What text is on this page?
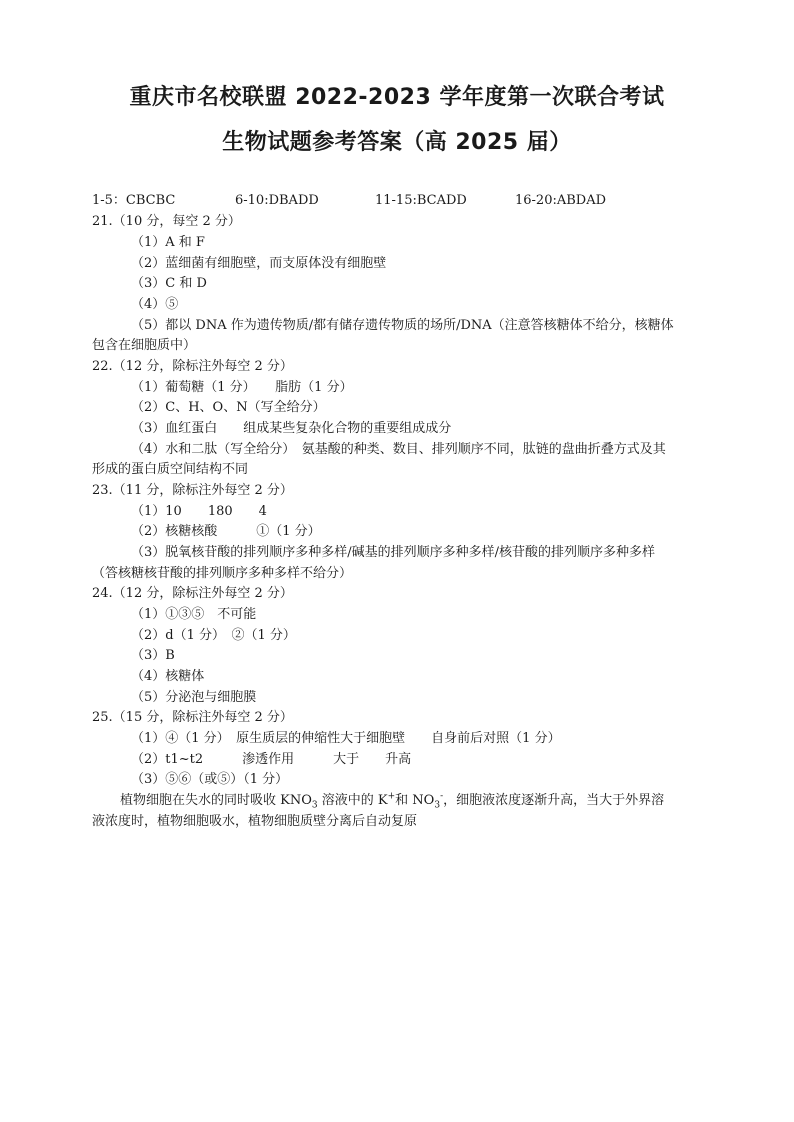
重庆市名校联盟 2022-2023 学年度第一次联合考试
生物试题参考答案（高 2025 届）
1-5：CBCBC	6-10:DBADD	11-15:BCADD	16-20:ABDAD
21.（10 分，每空 2 分）
（1）A 和 F
（2）蓝细菌有细胞壁，而支原体没有细胞壁
（3）C 和 D
（4）⑤
（5）都以 DNA 作为遗传物质/都有储存遗传物质的场所/DNA（注意答核糖体不给分，核糖体
包含在细胞质中）
22.（12 分，除标注外每空 2 分）
（1）葡萄糖（1 分）　　脂肪（1 分）
（2）C、H、O、N（写全给分）
（3）血红蛋白　　组成某些复杂化合物的重要组成成分
（4）水和二肽（写全给分）　氨基酸的种类、数目、排列顺序不同，肽链的盘曲折叠方式及其
形成的蛋白质空间结构不同
23.（11 分，除标注外每空 2 分）
（1）10　　180　　4
（2）核糖核酸　　　①（1 分）
（3）脱氧核苷酸的排列顺序多种多样/碱基的排列顺序多种多样/核苷酸的排列顺序多种多样
（答核糖核苷酸的排列顺序多种多样不给分）
24.（12 分，除标注外每空 2 分）
（1）①③⑤　不可能
（2）d（1 分）　②（1 分）
（3）B
（4）核糖体
（5）分泌泡与细胞膜
25.（15 分，除标注外每空 2 分）
（1）④（1 分）　原生质层的伸缩性大于细胞壁　　自身前后对照（1 分）
（2）t1~t2　　　渗透作用　　　大于　　升高
（3）⑤⑥（或⑤）（1 分）
植物细胞在失水的同时吸收 $KNO_3$ 溶液中的 K+和 $NO_3^-$，细胞液浓度逐渐升高，当大于外界溶
液浓度时，植物细胞吸水，植物细胞质壁分离后自动复原
